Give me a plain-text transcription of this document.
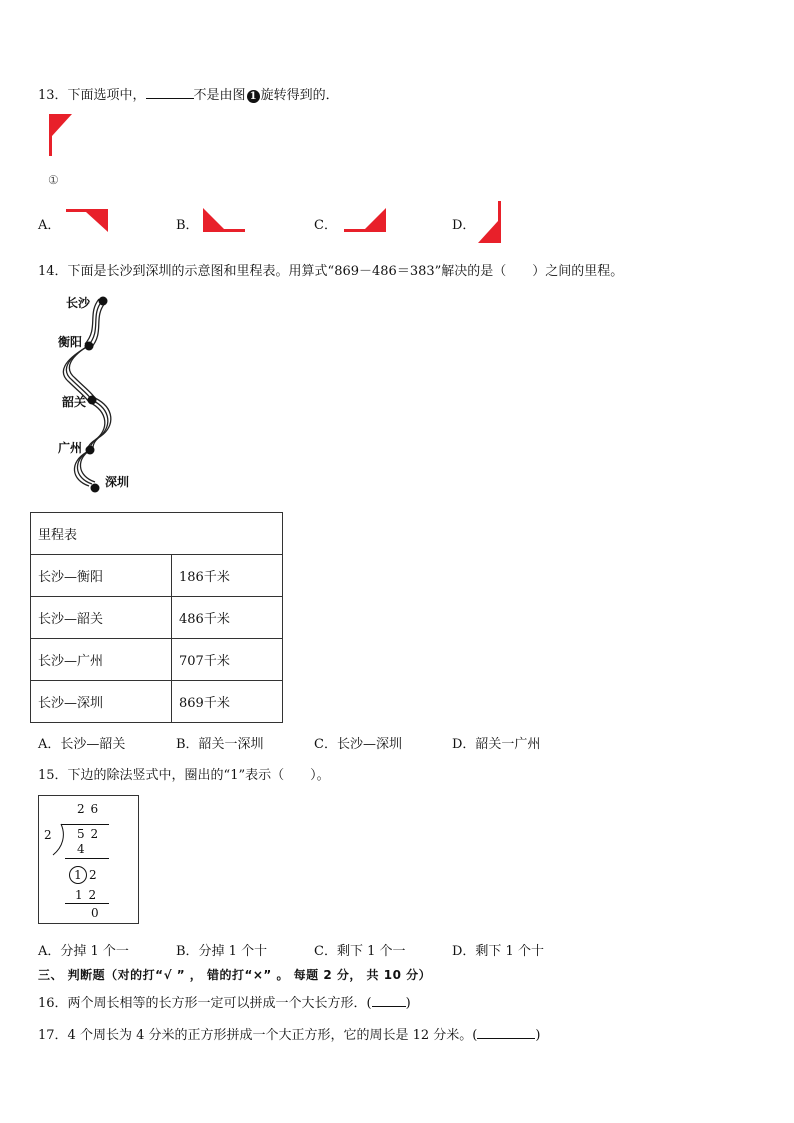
13．下面选项中，	不是由图 1 旋转得到的．
①
A．	B．	C．	D．
14．下面是长沙到深圳的示意图和里程表。用算式“869－486＝383”解决的是（　　）之间的里程。
长沙
衡阳
韶关
广州
深圳
里程表	
长沙—衡阳	186千米
长沙—韶关	486千米
长沙—广州	707千米
长沙—深圳	869千米
A．长沙—韶关	B．韶关一深圳	C．长沙—深圳	D．韶关一广州
15．下边的除法竖式中，圈出的“1”表示（　　）。
2 6
2 5 2
4
1 2
1 2
0
A．分掉 1 个一	B．分掉 1 个十	C．剩下 1 个一	D．剩下 1 个十
三、 判断题（对的打“√ ” ， 错的打“×” 。 每题 2 分， 共 10 分）
16．两个周长相等的长方形一定可以拼成一个大长方形．(	)
17．4 个周长为 4 分米的正方形拼成一个大正方形，它的周长是 12 分米。(	)
